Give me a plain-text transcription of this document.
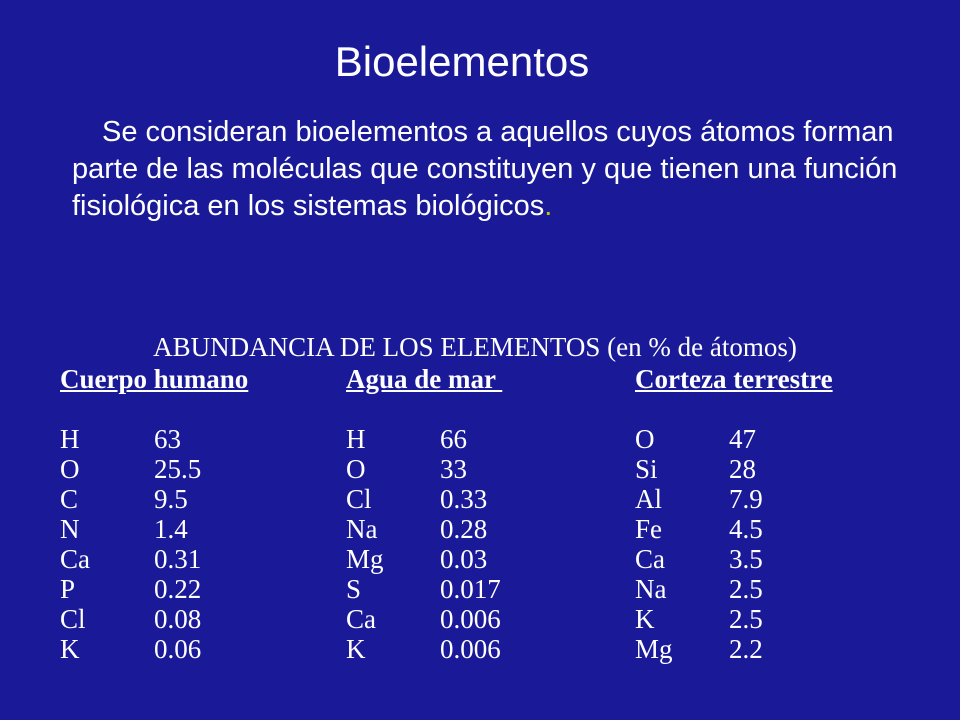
Bioelementos
Se consideran bioelementos a aquellos cuyos átomos forman parte de las moléculas que constituyen y que tienen una función fisiológica en los sistemas biológicos.
ABUNDANCIA DE LOS ELEMENTOS (en % de átomos)
Cuerpo humano
H	63
O	25.5
C	9.5
N	1.4
Ca	0.31
P	0.22
Cl	0.08
K	0.06
Agua de mar
H	66
O	33
Cl	0.33
Na	0.28
Mg	0.03
S	0.017
Ca	0.006
K	0.006
Corteza terrestre
O	47
Si	28
Al	7.9
Fe	4.5
Ca	3.5
Na	2.5
K	2.5
Mg	2.2
